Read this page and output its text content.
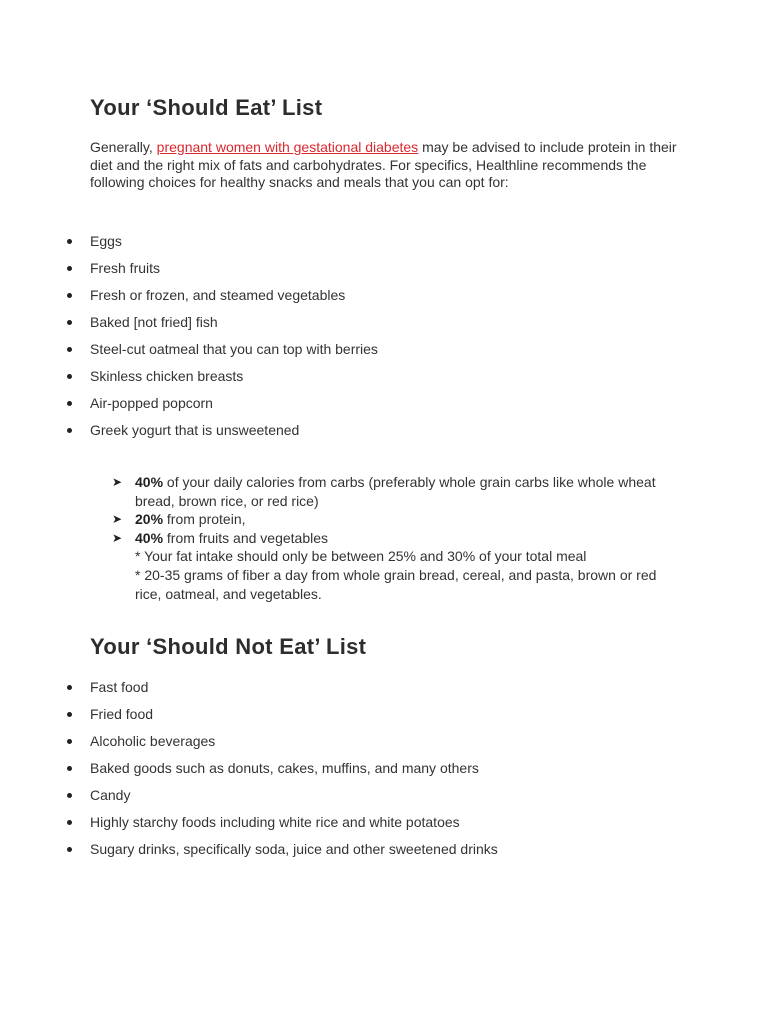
Your ‘Should Eat’ List

Generally, pregnant women with gestational diabetes may be advised to include protein in their diet and the right mix of fats and carbohydrates. For specifics, Healthline recommends the following choices for healthy snacks and meals that you can opt for:

Eggs
Fresh fruits
Fresh or frozen, and steamed vegetables
Baked [not fried] fish
Steel-cut oatmeal that you can top with berries
Skinless chicken breasts
Air-popped popcorn
Greek yogurt that is unsweetened
➤ 40% of your daily calories from carbs (preferably whole grain carbs like whole wheat bread, brown rice, or red rice)
➤ 20% from protein,
➤ 40% from fruits and vegetables
* Your fat intake should only be between 25% and 30% of your total meal
* 20-35 grams of fiber a day from whole grain bread, cereal, and pasta, brown or red rice, oatmeal, and vegetables.
Your ‘Should Not Eat’ List
Fast food
Fried food
Alcoholic beverages
Baked goods such as donuts, cakes, muffins, and many others
Candy
Highly starchy foods including white rice and white potatoes
Sugary drinks, specifically soda, juice and other sweetened drinks
